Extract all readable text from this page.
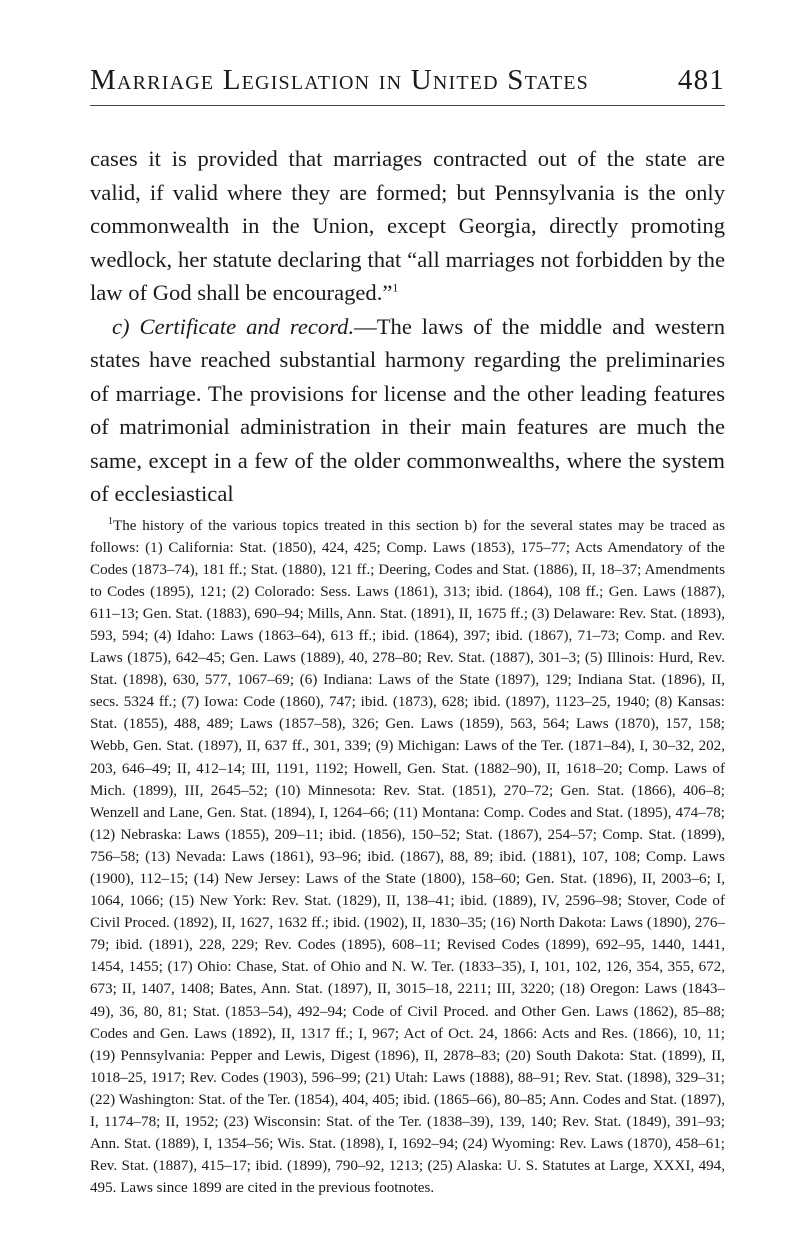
Marriage Legislation in United States	481

cases it is provided that marriages contracted out of the state are valid, if valid where they are formed; but Pennsylvania is the only commonwealth in the Union, except Georgia, directly promoting wedlock, her statute declaring that “all marriages not forbidden by the law of God shall be encouraged.”$^1$

c) Certificate and record.—The laws of the middle and western states have reached substantial harmony regarding the preliminaries of marriage. The provisions for license and the other leading features of matrimonial administration in their main features are much the same, except in a few of the older commonwealths, where the system of ecclesiastical

$^1$The history of the various topics treated in this section b) for the several states may be traced as follows: (1) California: Stat. (1850), 424, 425; Comp. Laws (1853), 175–77; Acts Amendatory of the Codes (1873–74), 181 ff.; Stat. (1880), 121 ff.; Deering, Codes and Stat. (1886), II, 18–37; Amendments to Codes (1895), 121; (2) Colorado: Sess. Laws (1861), 313; ibid. (1864), 108 ff.; Gen. Laws (1887), 611–13; Gen. Stat. (1883), 690–94; Mills, Ann. Stat. (1891), II, 1675 ff.; (3) Delaware: Rev. Stat. (1893), 593, 594; (4) Idaho: Laws (1863–64), 613 ff.; ibid. (1864), 397; ibid. (1867), 71–73; Comp. and Rev. Laws (1875), 642–45; Gen. Laws (1889), 40, 278–80; Rev. Stat. (1887), 301–3; (5) Illinois: Hurd, Rev. Stat. (1898), 630, 577, 1067–69; (6) Indiana: Laws of the State (1897), 129; Indiana Stat. (1896), II, secs. 5324 ff.; (7) Iowa: Code (1860), 747; ibid. (1873), 628; ibid. (1897), 1123–25, 1940; (8) Kansas: Stat. (1855), 488, 489; Laws (1857–58), 326; Gen. Laws (1859), 563, 564; Laws (1870), 157, 158; Webb, Gen. Stat. (1897), II, 637 ff., 301, 339; (9) Michigan: Laws of the Ter. (1871–84), I, 30–32, 202, 203, 646–49; II, 412–14; III, 1191, 1192; Howell, Gen. Stat. (1882–90), II, 1618–20; Comp. Laws of Mich. (1899), III, 2645–52; (10) Minnesota: Rev. Stat. (1851), 270–72; Gen. Stat. (1866), 406–8; Wenzell and Lane, Gen. Stat. (1894), I, 1264–66; (11) Montana: Comp. Codes and Stat. (1895), 474–78; (12) Nebraska: Laws (1855), 209–11; ibid. (1856), 150–52; Stat. (1867), 254–57; Comp. Stat. (1899), 756–58; (13) Nevada: Laws (1861), 93–96; ibid. (1867), 88, 89; ibid. (1881), 107, 108; Comp. Laws (1900), 112–15; (14) New Jersey: Laws of the State (1800), 158–60; Gen. Stat. (1896), II, 2003–6; I, 1064, 1066; (15) New York: Rev. Stat. (1829), II, 138–41; ibid. (1889), IV, 2596–98; Stover, Code of Civil Proced. (1892), II, 1627, 1632 ff.; ibid. (1902), II, 1830–35; (16) North Dakota: Laws (1890), 276–79; ibid. (1891), 228, 229; Rev. Codes (1895), 608–11; Revised Codes (1899), 692–95, 1440, 1441, 1454, 1455; (17) Ohio: Chase, Stat. of Ohio and N. W. Ter. (1833–35), I, 101, 102, 126, 354, 355, 672, 673; II, 1407, 1408; Bates, Ann. Stat. (1897), II, 3015–18, 2211; III, 3220; (18) Oregon: Laws (1843–49), 36, 80, 81; Stat. (1853–54), 492–94; Code of Civil Proced. and Other Gen. Laws (1862), 85–88; Codes and Gen. Laws (1892), II, 1317 ff.; I, 967; Act of Oct. 24, 1866: Acts and Res. (1866), 10, 11; (19) Pennsylvania: Pepper and Lewis, Digest (1896), II, 2878–83; (20) South Dakota: Stat. (1899), II, 1018–25, 1917; Rev. Codes (1903), 596–99; (21) Utah: Laws (1888), 88–91; Rev. Stat. (1898), 329–31; (22) Washington: Stat. of the Ter. (1854), 404, 405; ibid. (1865–66), 80–85; Ann. Codes and Stat. (1897), I, 1174–78; II, 1952; (23) Wisconsin: Stat. of the Ter. (1838–39), 139, 140; Rev. Stat. (1849), 391–93; Ann. Stat. (1889), I, 1354–56; Wis. Stat. (1898), I, 1692–94; (24) Wyoming: Rev. Laws (1870), 458–61; Rev. Stat. (1887), 415–17; ibid. (1899), 790–92, 1213; (25) Alaska: U. S. Statutes at Large, XXXI, 494, 495. Laws since 1899 are cited in the previous footnotes.
